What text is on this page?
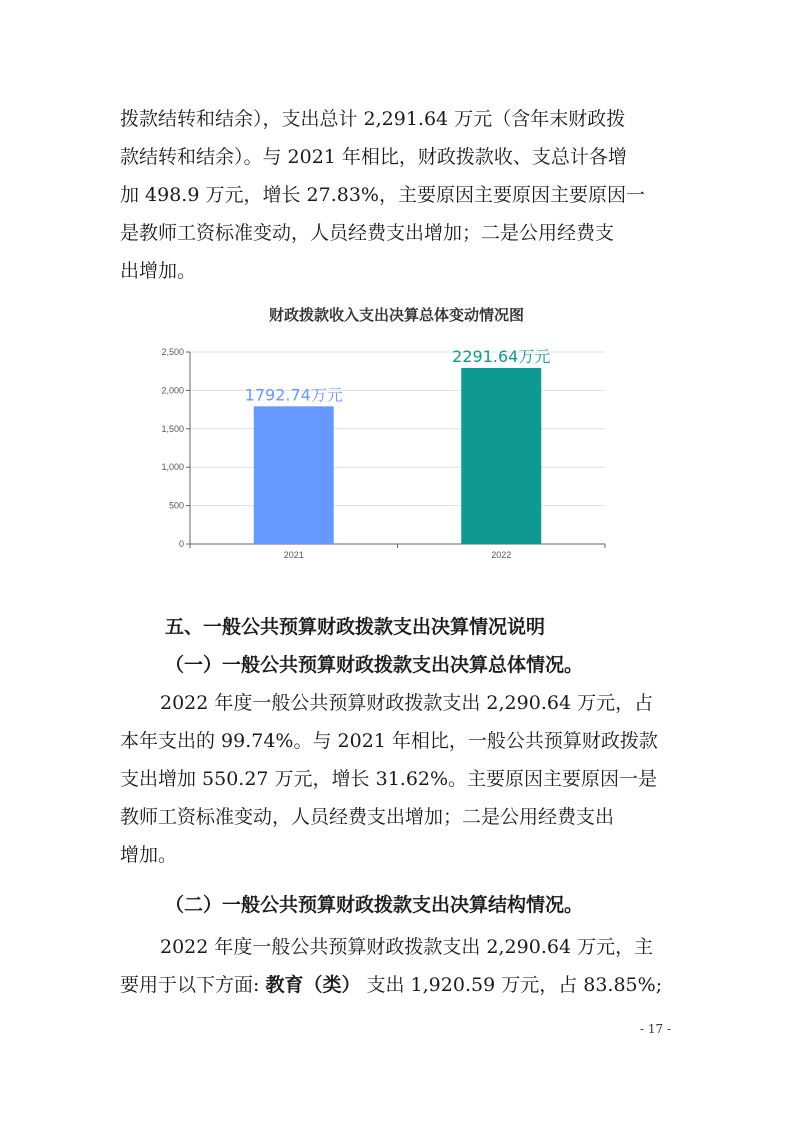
拨款结转和结余），支出总计 2,291.64 万元（含年末财政拨
款结转和结余）。与 2021 年相比，财政拨款收、支总计各增
加 498.9 万元，增长 27.83%，主要原因主要原因主要原因一
是教师工资标准变动，人员经费支出增加；二是公用经费支
出增加。
财政拨款收入支出决算总体变动情况图
0
500
1,000
1,500
2,000
2,500
1792.74万元
2021
2291.64万元
2022
五、一般公共预算财政拨款支出决算情况说明
（一）一般公共预算财政拨款支出决算总体情况。
2022 年度一般公共预算财政拨款支出 2,290.64 万元，占
本年支出的 99.74%。与 2021 年相比，一般公共预算财政拨款
支出增加 550.27 万元，增长 31.62%。主要原因主要原因一是
教师工资标准变动，人员经费支出增加；二是公用经费支出
增加。
（二）一般公共预算财政拨款支出决算结构情况。
2022 年度一般公共预算财政拨款支出 2,290.64 万元，主
要用于以下方面: 教育（类） 支出 1,920.59 万元，占 83.85%;
- 17 -
